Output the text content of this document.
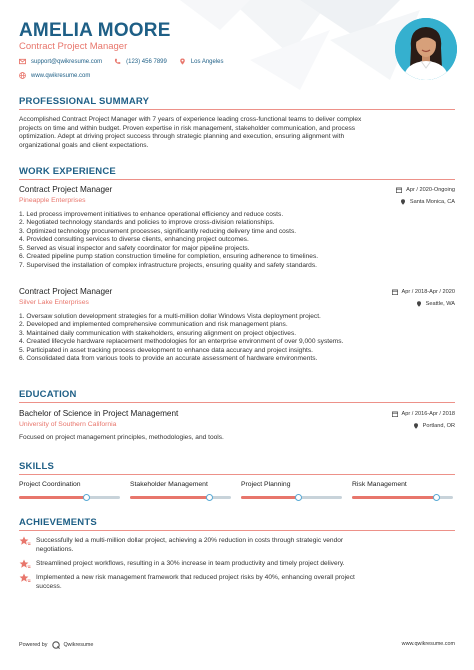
AMELIA MOORE
Contract Project Manager
support@qwikresume.com	(123) 456 7899	Los Angeles
www.qwikresume.com
PROFESSIONAL SUMMARY
Accomplished Contract Project Manager with 7 years of experience leading cross-functional teams to deliver complex
projects on time and within budget. Proven expertise in risk management, stakeholder communication, and process
optimization. Adept at driving project success through strategic planning and execution, ensuring alignment with
organizational goals and client expectations.
WORK EXPERIENCE
Contract Project Manager	Apr / 2020-Ongoing
Pineapple Enterprises	Santa Monica, CA
1. Led process improvement initiatives to enhance operational efficiency and reduce costs.
2. Negotiated technology standards and policies to improve cross-division relationships.
3. Optimized technology procurement processes, significantly reducing delivery time and costs.
4. Provided consulting services to diverse clients, enhancing project outcomes.
5. Served as visual inspector and safety coordinator for major pipeline projects.
6. Created pipeline pump station construction timeline for completion, ensuring adherence to timelines.
7. Supervised the installation of complex infrastructure projects, ensuring quality and safety standards.
Contract Project Manager	Apr / 2018-Apr / 2020
Silver Lake Enterprises	Seattle, WA
1. Oversaw solution development strategies for a multi-million dollar Windows Vista deployment project.
2. Developed and implemented comprehensive communication and risk management plans.
3. Maintained daily communication with stakeholders, ensuring alignment on project objectives.
4. Created lifecycle hardware replacement methodologies for an enterprise environment of over 9,000 systems.
5. Participated in asset tracking process development to enhance data accuracy and project insights.
6. Consolidated data from various tools to provide an accurate assessment of hardware environments.
EDUCATION
Bachelor of Science in Project Management	Apr / 2016-Apr / 2018
University of Southern California	Portland, OR
Focused on project management principles, methodologies, and tools.
SKILLS
Project Coordination	Stakeholder Management	Project Planning	Risk Management
ACHIEVEMENTS
Successfully led a multi-million dollar project, achieving a 20% reduction in costs through strategic vendor
negotiations.
Streamlined project workflows, resulting in a 30% increase in team productivity and timely project delivery.
Implemented a new risk management framework that reduced project risks by 40%, enhancing overall project
success.
Powered by	Qwikresume	www.qwikresume.com
